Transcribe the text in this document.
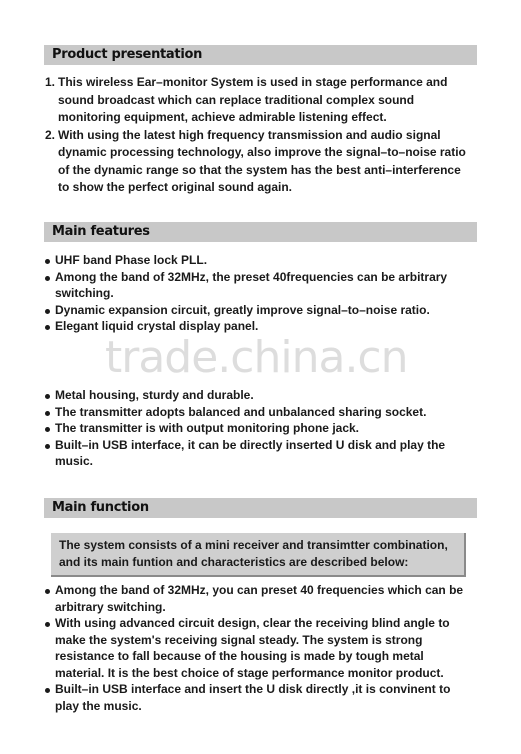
Product presentation
1. This wireless Ear–monitor System is used in stage performance and sound broadcast which can replace traditional complex sound monitoring equipment, achieve admirable listening effect.
2. With using the latest high frequency transmission and audio signal dynamic processing technology, also improve the signal–to–noise ratio of the dynamic range so that the system has the best anti–interference to show the perfect original sound again.
Main features
UHF band Phase lock PLL.
Among the band of 32MHz, the preset 40frequencies can be arbitrary switching.
Dynamic expansion circuit, greatly improve signal–to–noise ratio.
Elegant liquid crystal display panel.
trade.china.cn
Metal housing, sturdy and durable.
The transmitter adopts balanced and unbalanced sharing socket.
The transmitter is with output monitoring phone jack.
Built–in USB interface, it can be directly inserted U disk and play the music.
Main function

The system consists of a mini receiver and transimtter combination, and its main funtion and characteristics are described below:

Among the band of 32MHz, you can preset 40 frequencies which can be arbitrary switching.
With using advanced circuit design, clear the receiving blind angle to make the system's receiving signal steady. The system is strong resistance to fall because of the housing is made by tough metal material. It is the best choice of stage performance monitor product.
Built–in USB interface and insert the U disk directly ,it is convinent to play the music.
